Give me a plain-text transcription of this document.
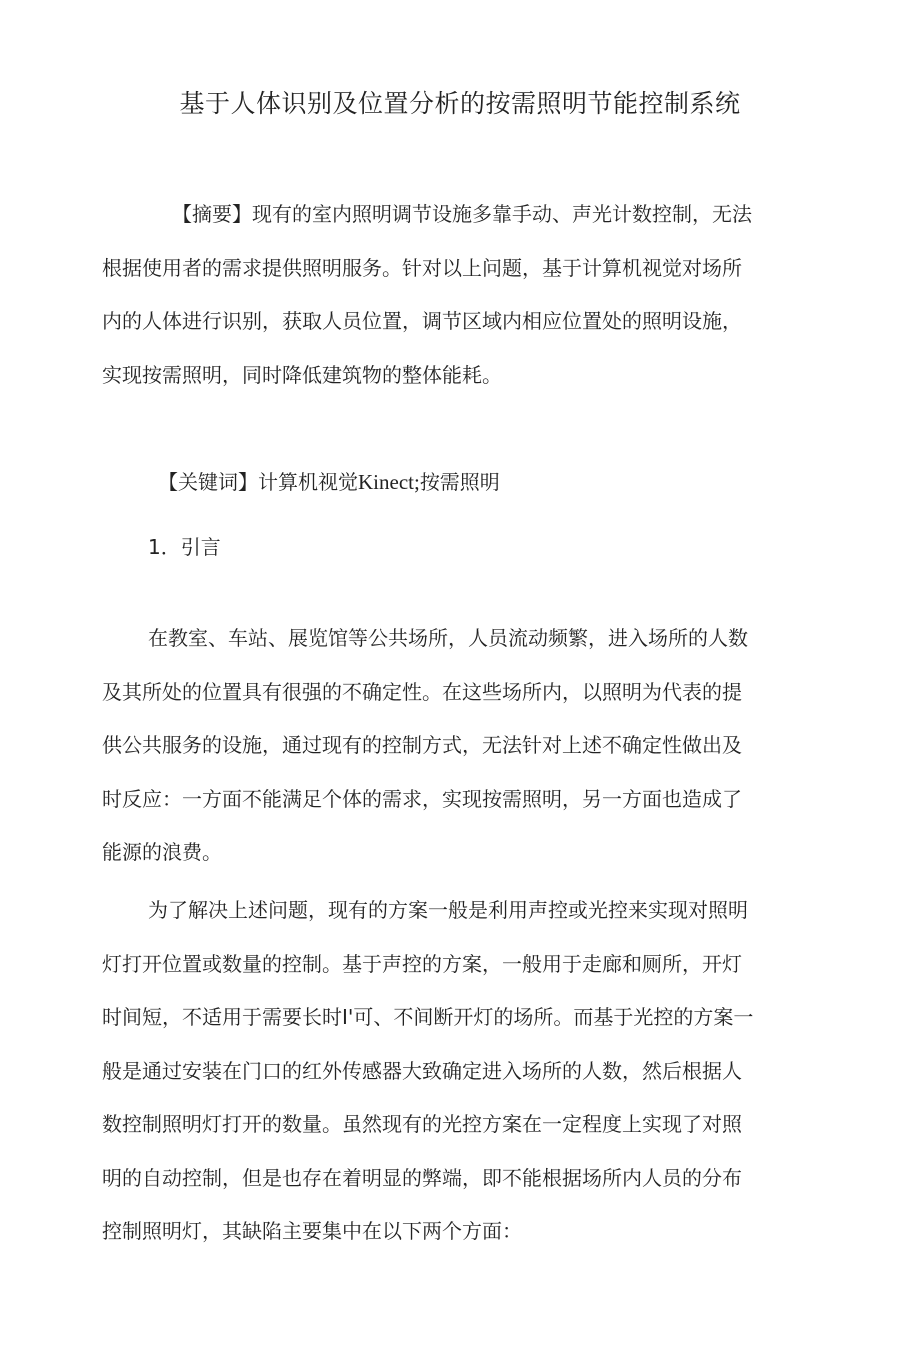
基于人体识别及位置分析的按需照明节能控制系统
【摘要】现有的室内照明调节设施多靠手动、声光计数控制，无法
根据使用者的需求提供照明服务。针对以上问题，基于计算机视觉对场所
内的人体进行识别，获取人员位置，调节区域内相应位置处的照明设施，
实现按需照明，同时降低建筑物的整体能耗。
【关键词】计算机视觉Kinect;按需照明
1．引言
在教室、车站、展览馆等公共场所，人员流动频繁，进入场所的人数
及其所处的位置具有很强的不确定性。在这些场所内，以照明为代表的提
供公共服务的设施，通过现有的控制方式，无法针对上述不确定性做出及
时反应：一方面不能满足个体的需求，实现按需照明，另一方面也造成了
能源的浪费。
为了解决上述问题，现有的方案一般是利用声控或光控来实现对照明
灯打开位置或数量的控制。基于声控的方案，一般用于走廊和厕所，开灯
时间短，不适用于需要长时I'可、不间断开灯的场所。而基于光控的方案一
般是通过安装在门口的红外传感器大致确定进入场所的人数，然后根据人
数控制照明灯打开的数量。虽然现有的光控方案在一定程度上实现了对照
明的自动控制，但是也存在着明显的弊端，即不能根据场所内人员的分布
控制照明灯，其缺陷主要集中在以下两个方面：
